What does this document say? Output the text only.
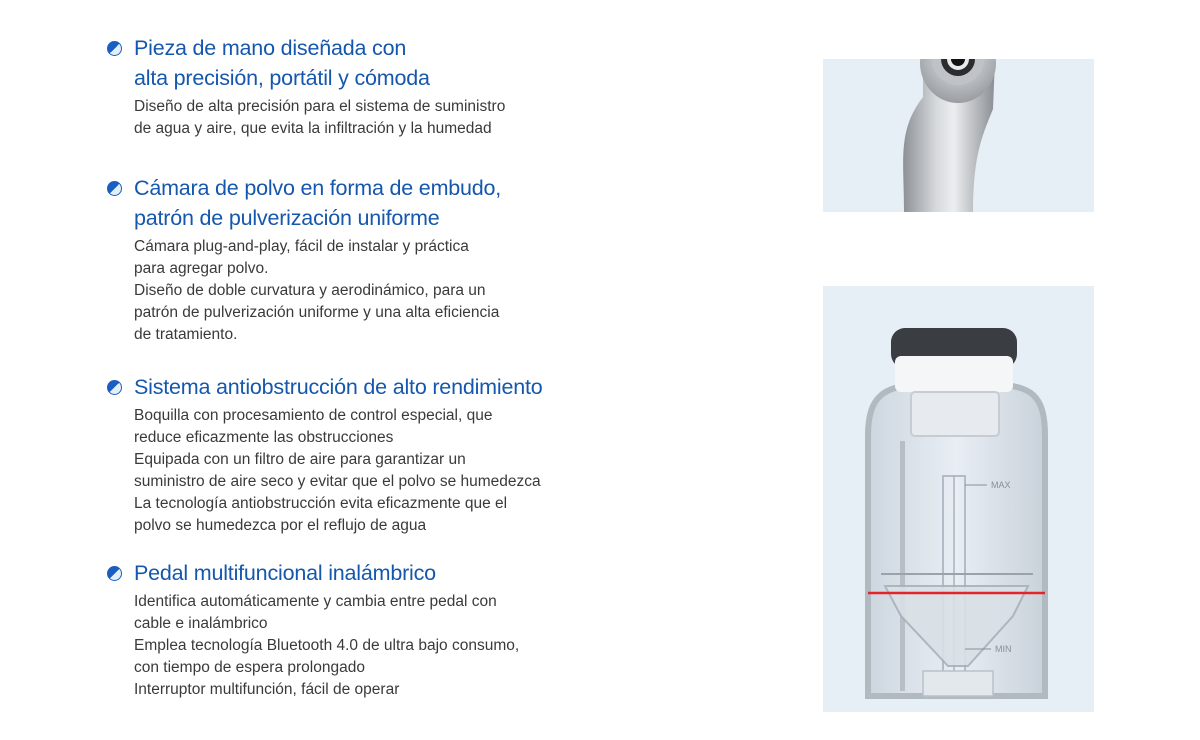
Pieza de mano diseñada con
alta precisión, portátil y cómoda

Diseño de alta precisión para el sistema de suministro

de agua y aire, que evita la infiltración y la humedad

Cámara de polvo en forma de embudo,
patrón de pulverización uniforme

Cámara plug-and-play, fácil de instalar y práctica

para agregar polvo.

Diseño de doble curvatura y aerodinámico, para un

patrón de pulverización uniforme y una alta eficiencia

de tratamiento.

Sistema antiobstrucción de alto rendimiento

Boquilla con procesamiento de control especial, que

reduce eficazmente las obstrucciones

Equipada con un filtro de aire para garantizar un

suministro de aire seco y evitar que el polvo se humedezca

La tecnología antiobstrucción evita eficazmente que el

polvo se humedezca por el reflujo de agua

Pedal multifuncional inalámbrico

Identifica automáticamente y cambia entre pedal con

cable e inalámbrico

Emplea tecnología Bluetooth 4.0 de ultra bajo consumo,

con tiempo de espera prolongado

Interruptor multifunción, fácil de operar

MAX
MIN
